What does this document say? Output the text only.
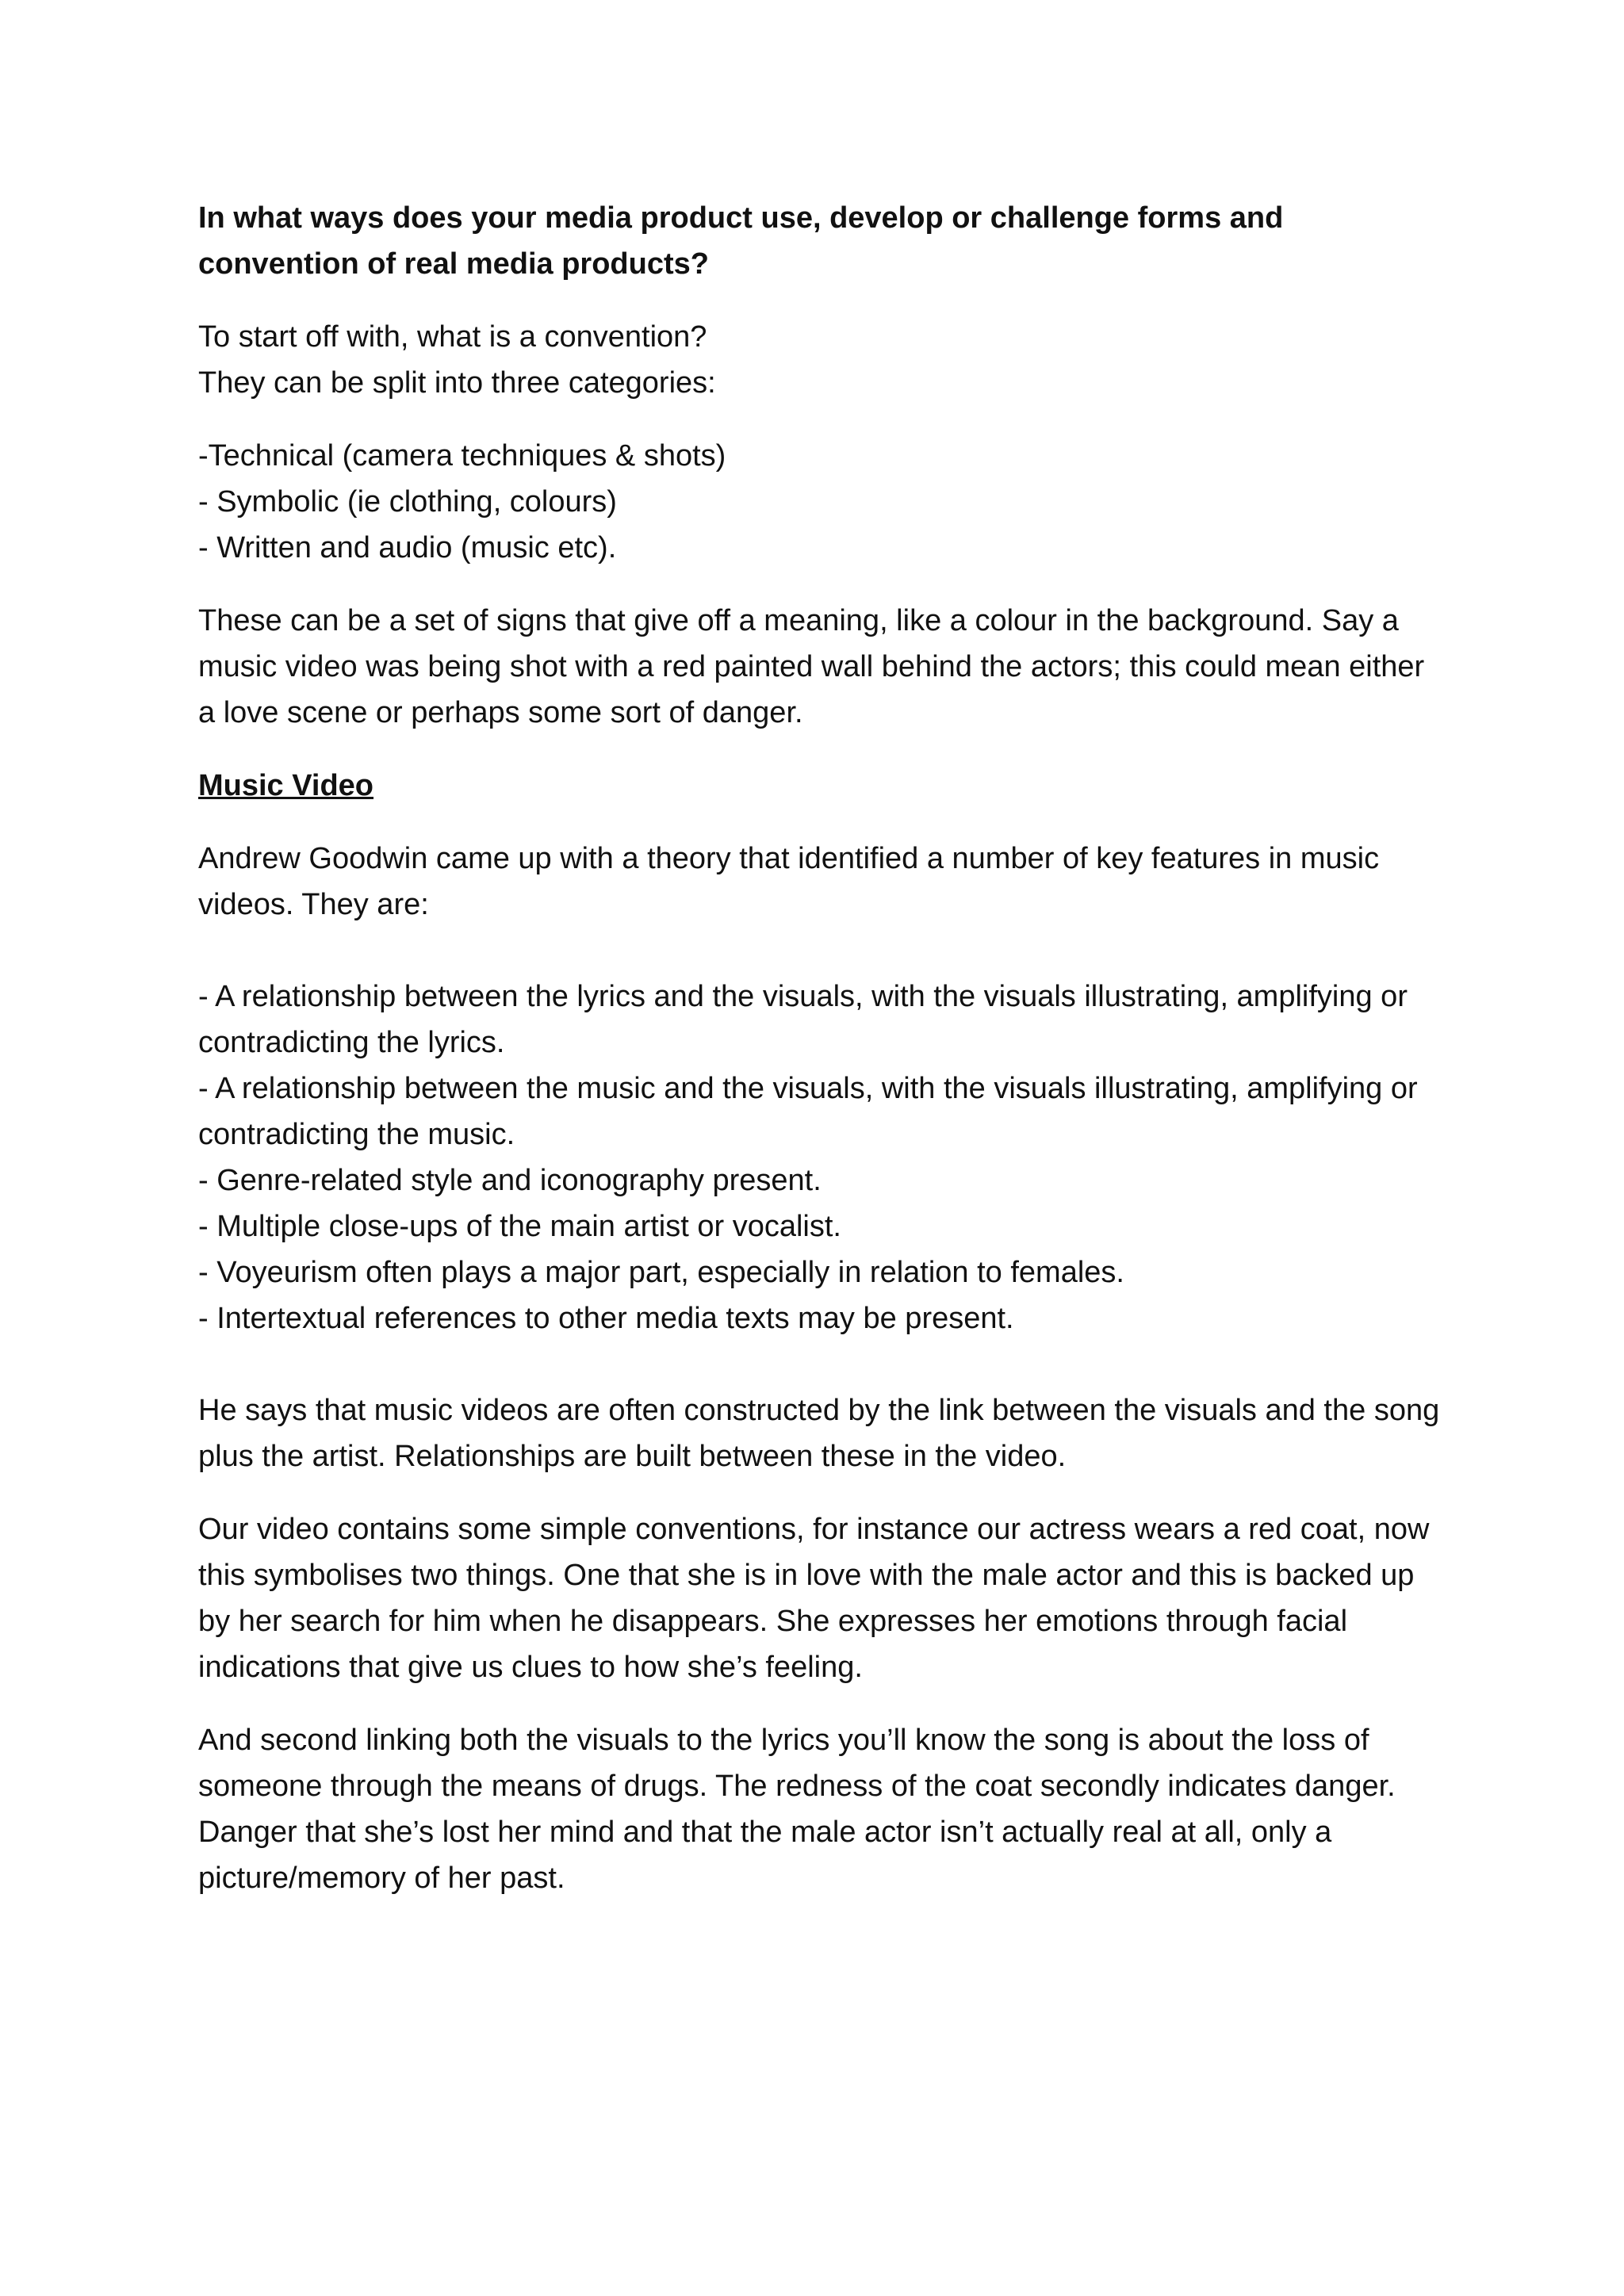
In what ways does your media product use, develop or challenge forms and convention of real media products?

To start off with, what is a convention?
They can be split into three categories:

-Technical (camera techniques & shots)
- Symbolic (ie clothing, colours)
- Written and audio (music etc).

These can be a set of signs that give off a meaning, like a colour in the background. Say a music video was being shot with a red painted wall behind the actors; this could mean either a love scene or perhaps some sort of danger.

Music Video

Andrew Goodwin came up with a theory that identified a number of key features in music videos. They are:

- A relationship between the lyrics and the visuals, with the visuals illustrating, amplifying or contradicting the lyrics.

- A relationship between the music and the visuals, with the visuals illustrating, amplifying or contradicting the music.

- Genre-related style and iconography present.

- Multiple close-ups of the main artist or vocalist.

- Voyeurism often plays a major part, especially in relation to females.

- Intertextual references to other media texts may be present.

He says that music videos are often constructed by the link between the visuals and the song plus the artist. Relationships are built between these in the video.

Our video contains some simple conventions, for instance our actress wears a red coat, now this symbolises two things. One that she is in love with the male actor and this is backed up by her search for him when he disappears. She expresses her emotions through facial indications that give us clues to how she’s feeling.

And second linking both the visuals to the lyrics you’ll know the song is about the loss of someone through the means of drugs. The redness of the coat secondly indicates danger. Danger that she’s lost her mind and that the male actor isn’t actually real at all, only a picture/memory of her past.
